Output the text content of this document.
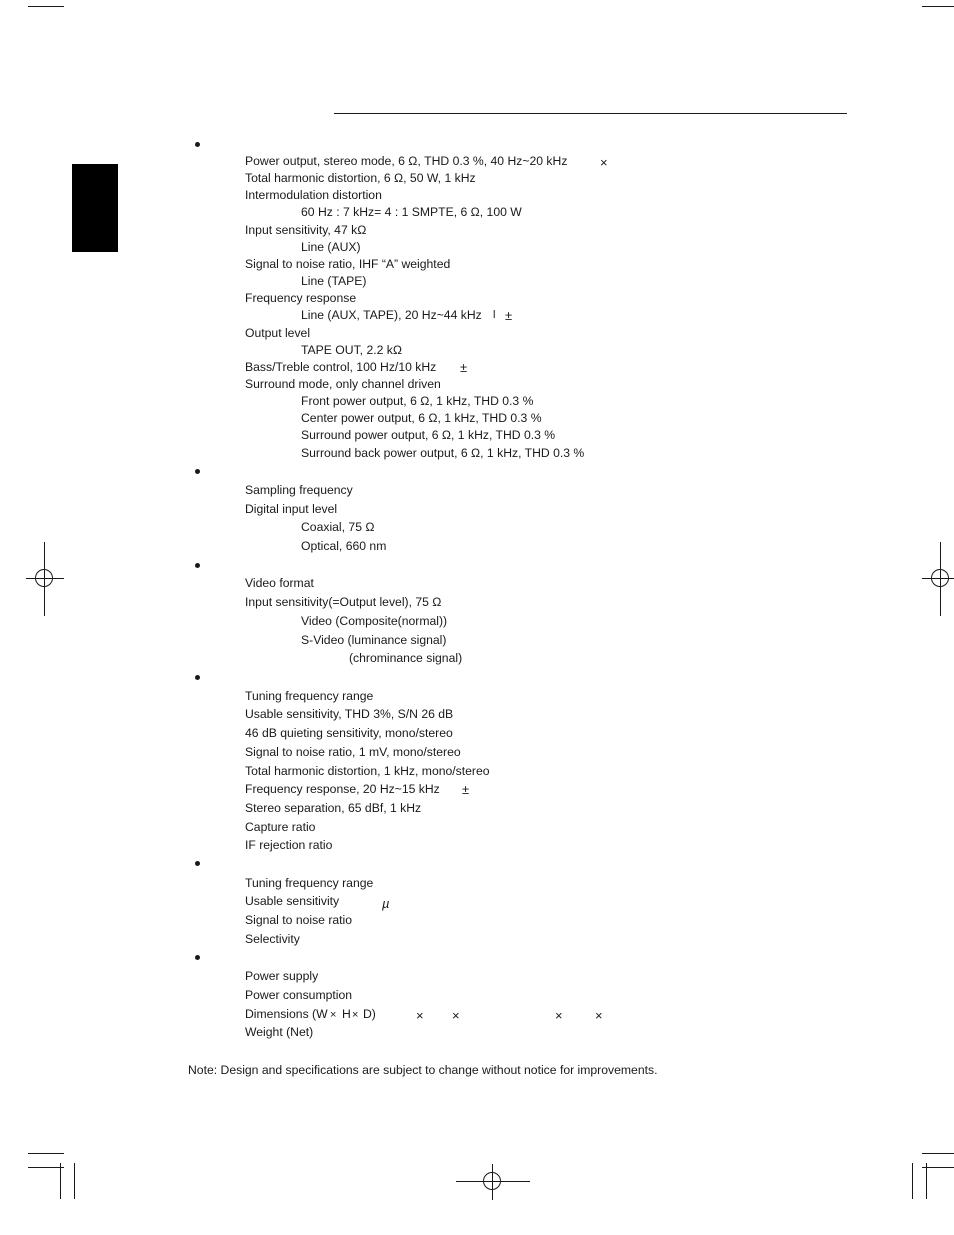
Power output, stereo mode, 6 Ω, THD 0.3 %, 40 Hz~20 kHz
Total harmonic distortion, 6 Ω, 50 W, 1 kHz
Intermodulation distortion
60 Hz : 7 kHz= 4 : 1 SMPTE, 6 Ω, 100 W
Input sensitivity, 47 kΩ
Line (AUX)
Signal to noise ratio, IHF “A” weighted
Line (TAPE)
Frequency response
Line (AUX, TAPE), 20 Hz~44 kHz
Output level
TAPE OUT, 2.2 kΩ
Bass/Treble control, 100 Hz/10 kHz
Surround mode, only channel driven
Front power output, 6 Ω, 1 kHz, THD 0.3 %
Center power output, 6 Ω, 1 kHz, THD 0.3 %
Surround power output, 6 Ω, 1 kHz, THD 0.3 %
Surround back power output, 6 Ω, 1 kHz, THD 0.3 %
×
l ±
±
Sampling frequency
Digital input level
Coaxial, 75 Ω
Optical, 660 nm
Video format
Input sensitivity(=Output level), 75 Ω
Video (Composite(normal))
S-Video (luminance signal)
(chrominance signal)
Tuning frequency range
Usable sensitivity, THD 3%, S/N 26 dB
46 dB quieting sensitivity, mono/stereo
Signal to noise ratio, 1 mV, mono/stereo
Total harmonic distortion, 1 kHz, mono/stereo
Frequency response, 20 Hz~15 kHz
Stereo separation, 65 dBf, 1 kHz
Capture ratio
IF rejection ratio
±
Tuning frequency range
Usable sensitivity
Signal to noise ratio
Selectivity
µ
Power supply
Power consumption
Dimensions (W × H × D)
Weight (Net)
× ×	× ×
Note: Design and specifications are subject to change without notice for improvements.
